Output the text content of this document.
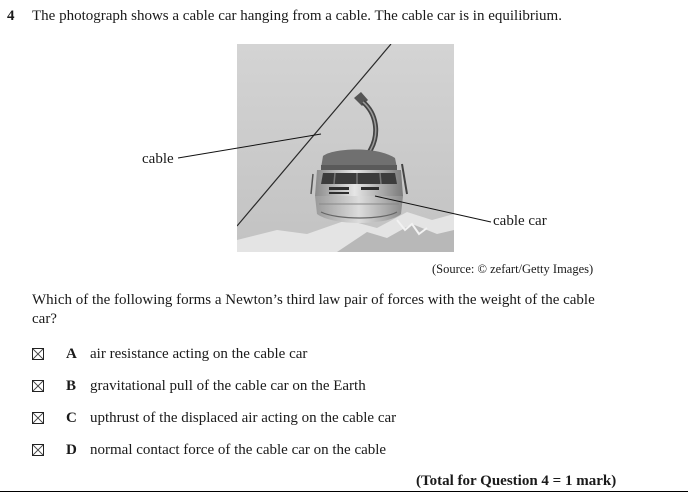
4 The photograph shows a cable car hanging from a cable. The cable car is in equilibrium.
cable
cable car
(Source: © zefart/Getty Images)
Which of the following forms a Newton’s third law pair of forces with the weight of the cable car?
A air resistance acting on the cable car
B gravitational pull of the cable car on the Earth
C upthrust of the displaced air acting on the cable car
D normal contact force of the cable car on the cable
(Total for Question 4 = 1 mark)
